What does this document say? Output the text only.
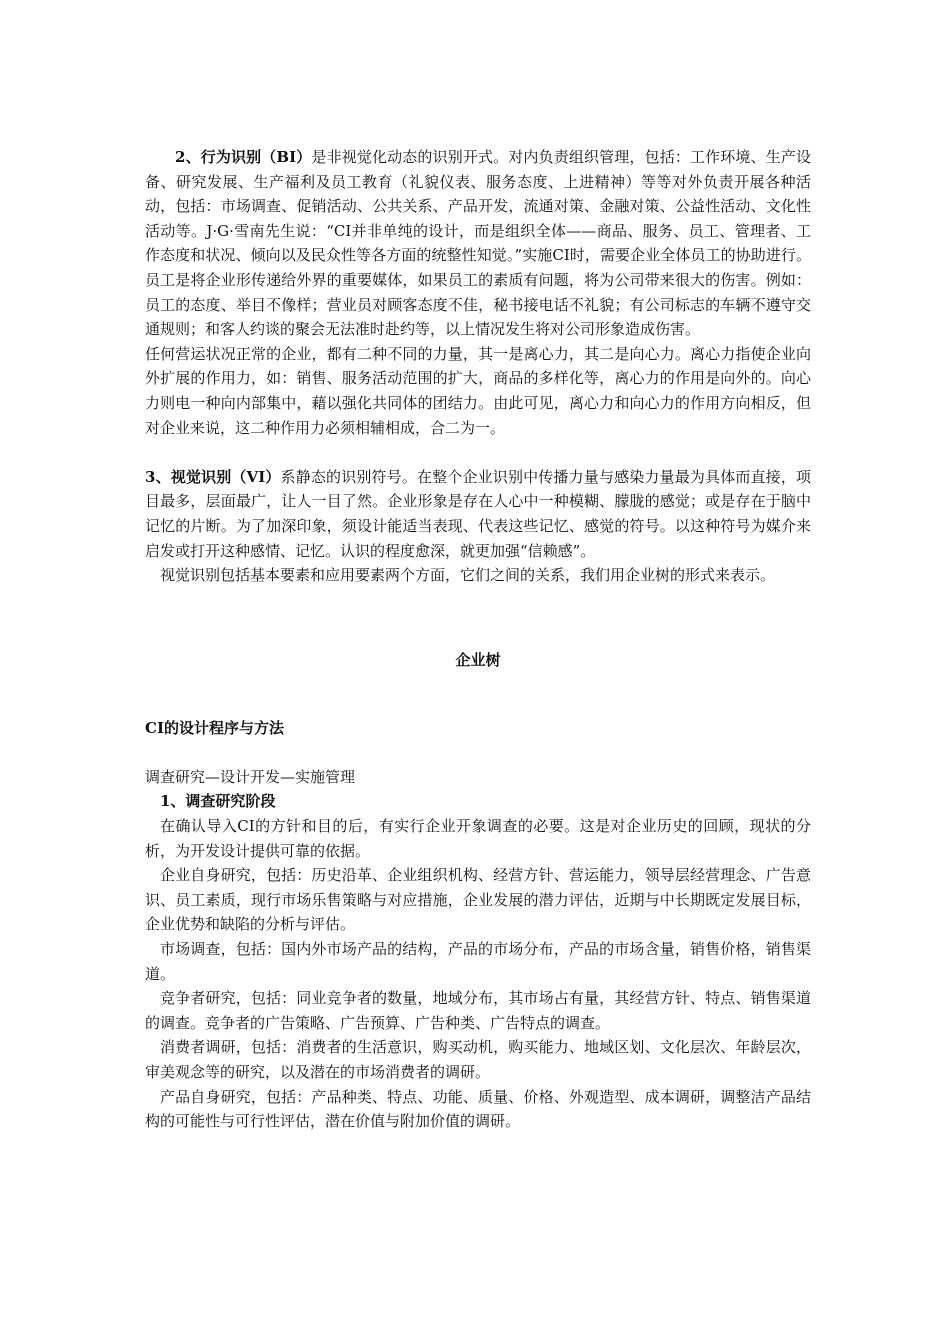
2、行为识别（BI）是非视觉化动态的识别开式。对内负责组织管理，包括：工作环境、生产设备、研究发展、生产福利及员工教育（礼貌仪表、服务态度、上进精神）等等对外负责开展各种活动，包括：市场调查、促销活动、公共关系、产品开发，流通对策、金融对策、公益性活动、文化性活动等。J·G·雪南先生说：“CI并非单纯的设计，而是组织全体——商品、服务、员工、管理者、工作态度和状况、倾向以及民众性等各方面的统整性知觉。”实施CI时，需要企业全体员工的协助进行。员工是将企业形传递给外界的重要媒体，如果员工的素质有问题，将为公司带来很大的伤害。例如：员工的态度、举目不像样；营业员对顾客态度不佳，秘书接电话不礼貌；有公司标志的车辆不遵守交通规则；和客人约谈的聚会无法准时赴约等，以上情况发生将对公司形象造成伤害。

任何营运状况正常的企业，都有二种不同的力量，其一是离心力，其二是向心力。离心力指使企业向外扩展的作用力，如：销售、服务活动范围的扩大，商品的多样化等，离心力的作用是向外的。向心力则电一种向内部集中，藉以强化共同体的团结力。由此可见，离心力和向心力的作用方向相反，但对企业来说，这二种作用力必须相辅相成，合二为一。

3、视觉识别（VI）系静态的识别符号。在整个企业识别中传播力量与感染力量最为具体而直接，项目最多，层面最广，让人一目了然。企业形象是存在人心中一种模糊、朦胧的感觉；或是存在于脑中记忆的片断。为了加深印象，须设计能适当表现、代表这些记忆、感觉的符号。以这种符号为媒介来启发或打开这种感情、记忆。认识的程度愈深，就更加强“信赖感”。

视觉识别包括基本要素和应用要素两个方面，它们之间的关系，我们用企业树的形式来表示。

企业树

CI的设计程序与方法

调查研究—设计开发—实施管理

1、调查研究阶段

在确认导入CI的方针和目的后，有实行企业开象调查的必要。这是对企业历史的回顾，现状的分析，为开发设计提供可靠的依据。

企业自身研究，包括：历史沿革、企业组织机构、经营方针、营运能力，领导层经营理念、广告意识、员工素质，现行市场乐售策略与对应措施，企业发展的潜力评估，近期与中长期既定发展目标，企业优势和缺陷的分析与评估。

市场调查，包括：国内外市场产品的结构，产品的市场分布，产品的市场含量，销售价格，销售渠道。

竞争者研究，包括：同业竞争者的数量，地域分布，其市场占有量，其经营方针、特点、销售渠道的调查。竞争者的广告策略、广告预算、广告种类、广告特点的调查。

消费者调研，包括：消费者的生活意识，购买动机，购买能力、地域区划、文化层次、年龄层次，审美观念等的研究，以及潜在的市场消费者的调研。

产品自身研究，包括：产品种类、特点、功能、质量、价格、外观造型、成本调研，调整洁产品结构的可能性与可行性评估，潜在价值与附加价值的调研。
